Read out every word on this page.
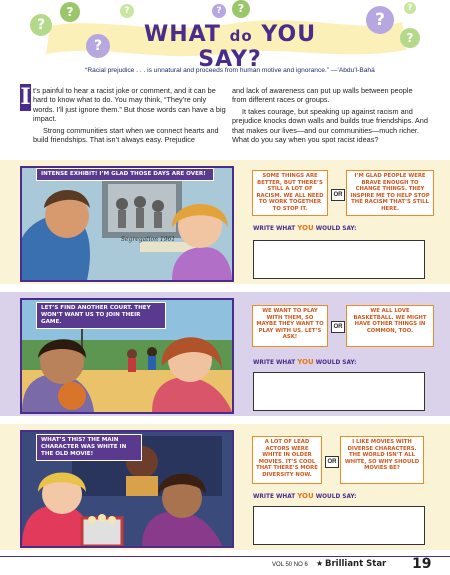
?
?
?
?	?	?
?
?
?
WHAT do YOU SAY?
“Racial prejudice . . . is unnatural and proceeds from human motive and ignorance.” —‘Abdu’l-Bahá
I t’s painful to hear a racist joke or comment, and it can be hard to know what to do. You may think, “They’re only words. I’ll just ignore them.” But those words can have a big impact.

Strong communities start when we connect hearts and build friendships. That isn’t always easy. Prejudice

and lack of awareness can put up walls between people from different races or groups.

It takes courage, but speaking up against racism and prejudice knocks down walls and builds true friendships. And that makes our lives—and our communities—much richer. What do you say when you spot racist ideas?

Segregation 1961
INTENSE EXHIBIT! I’M GLAD THOSE DAYS ARE OVER!	SOME THINGS ARE BETTER, BUT THERE’S STILL A LOT OF RACISM. WE ALL NEED TO WORK TOGETHER TO STOP IT.
OR
I’M GLAD PEOPLE WERE BRAVE ENOUGH TO CHANGE THINGS. THEY INSPIRE ME TO HELP STOP THE RACISM THAT’S STILL HERE.
WRITE WHAT YOU WOULD SAY:
LET’S FIND ANOTHER COURT. THEY WON’T WANT US TO JOIN THEIR GAME.
WE WANT TO PLAY WITH THEM, SO MAYBE THEY WANT TO PLAY WITH US. LET’S ASK!
OR
WE ALL LOVE BASKETBALL. WE MIGHT HAVE OTHER THINGS IN COMMON, TOO.
WRITE WHAT YOU WOULD SAY:
WHAT’S THIS? THE MAIN CHARACTER WAS WHITE IN THE OLD MOVIE!
A LOT OF LEAD ACTORS WERE WHITE IN OLDER MOVIES. IT’S COOL THAT THERE’S MORE DIVERSITY NOW.
OR
I LIKE MOVIES WITH DIVERSE CHARACTERS. THE WORLD ISN’T ALL WHITE, SO WHY SHOULD MOVIES BE?
WRITE WHAT YOU WOULD SAY:
VOL 50 NO 6 ★ Brilliant Star 19
